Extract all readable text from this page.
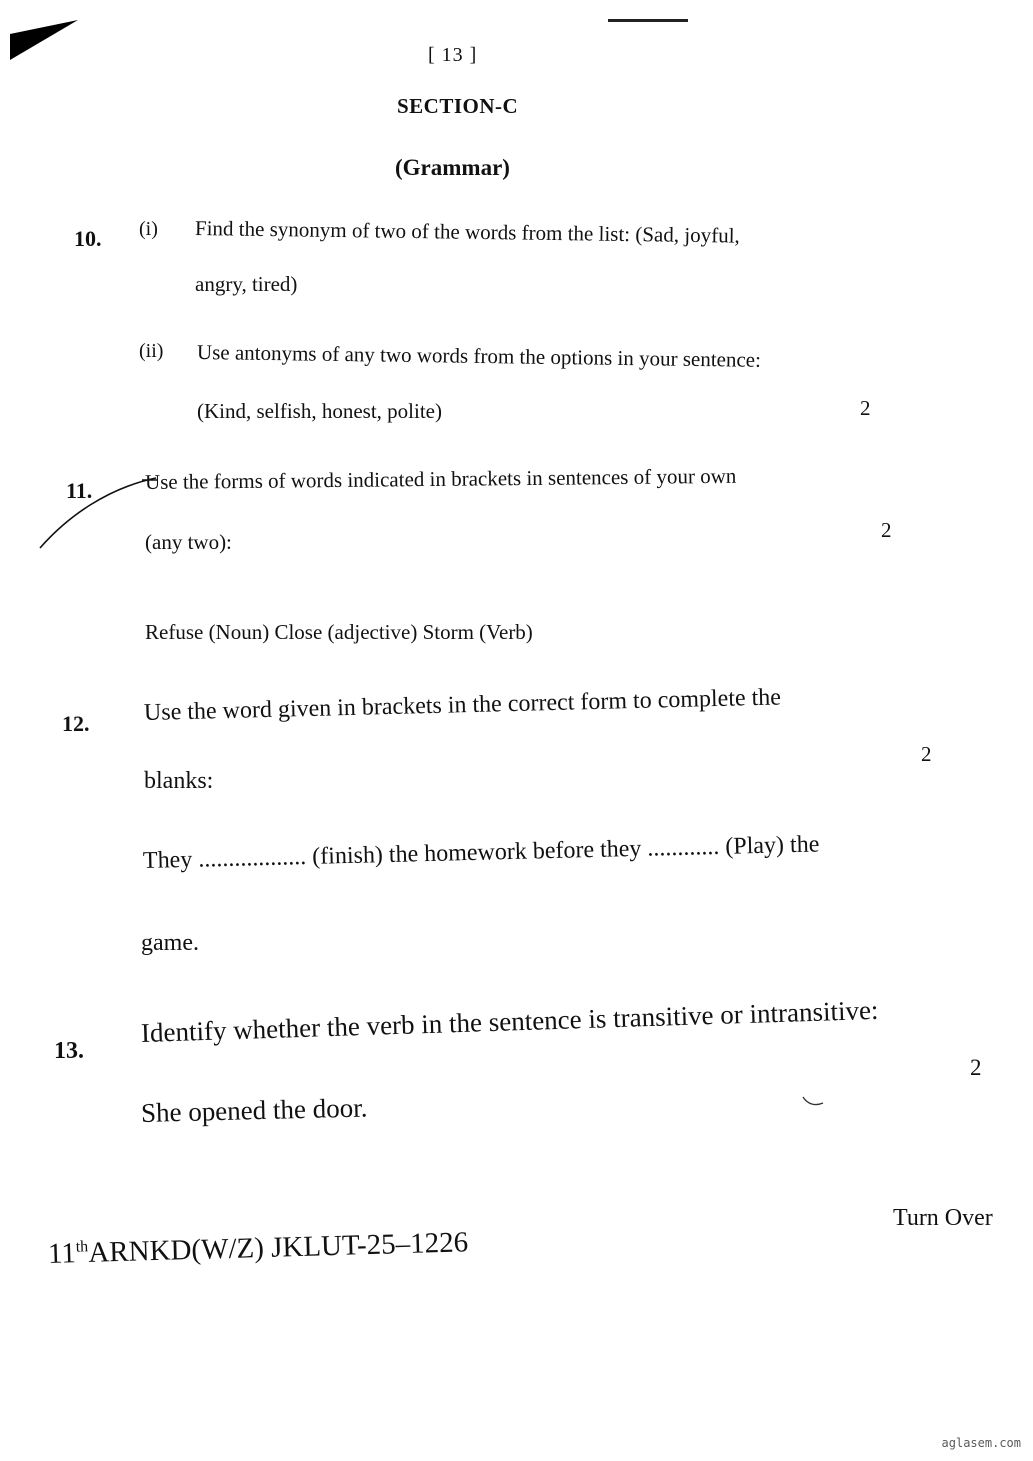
[ 13 ]
SECTION-C
(Grammar)
10. (i) Find the synonym of two of the words from the list: (Sad, joyful,
angry, tired)
(ii) Use antonyms of any two words from the options in your sentence:
(Kind, selfish, honest, polite)	2
11.	Use the forms of words indicated in brackets in sentences of your own
(any two):	2
Refuse (Noun) Close (adjective) Storm (Verb)
12. Use the word given in brackets in the correct form to complete the
2
blanks:
They .................. (finish) the homework before they ............ (Play) the
game.
13.
Identify whether the verb in the sentence is transitive or intransitive:
2
She opened the door.
Turn Over
11thARNKD(W/Z) JKLUT-25–1226
aglasem.com
